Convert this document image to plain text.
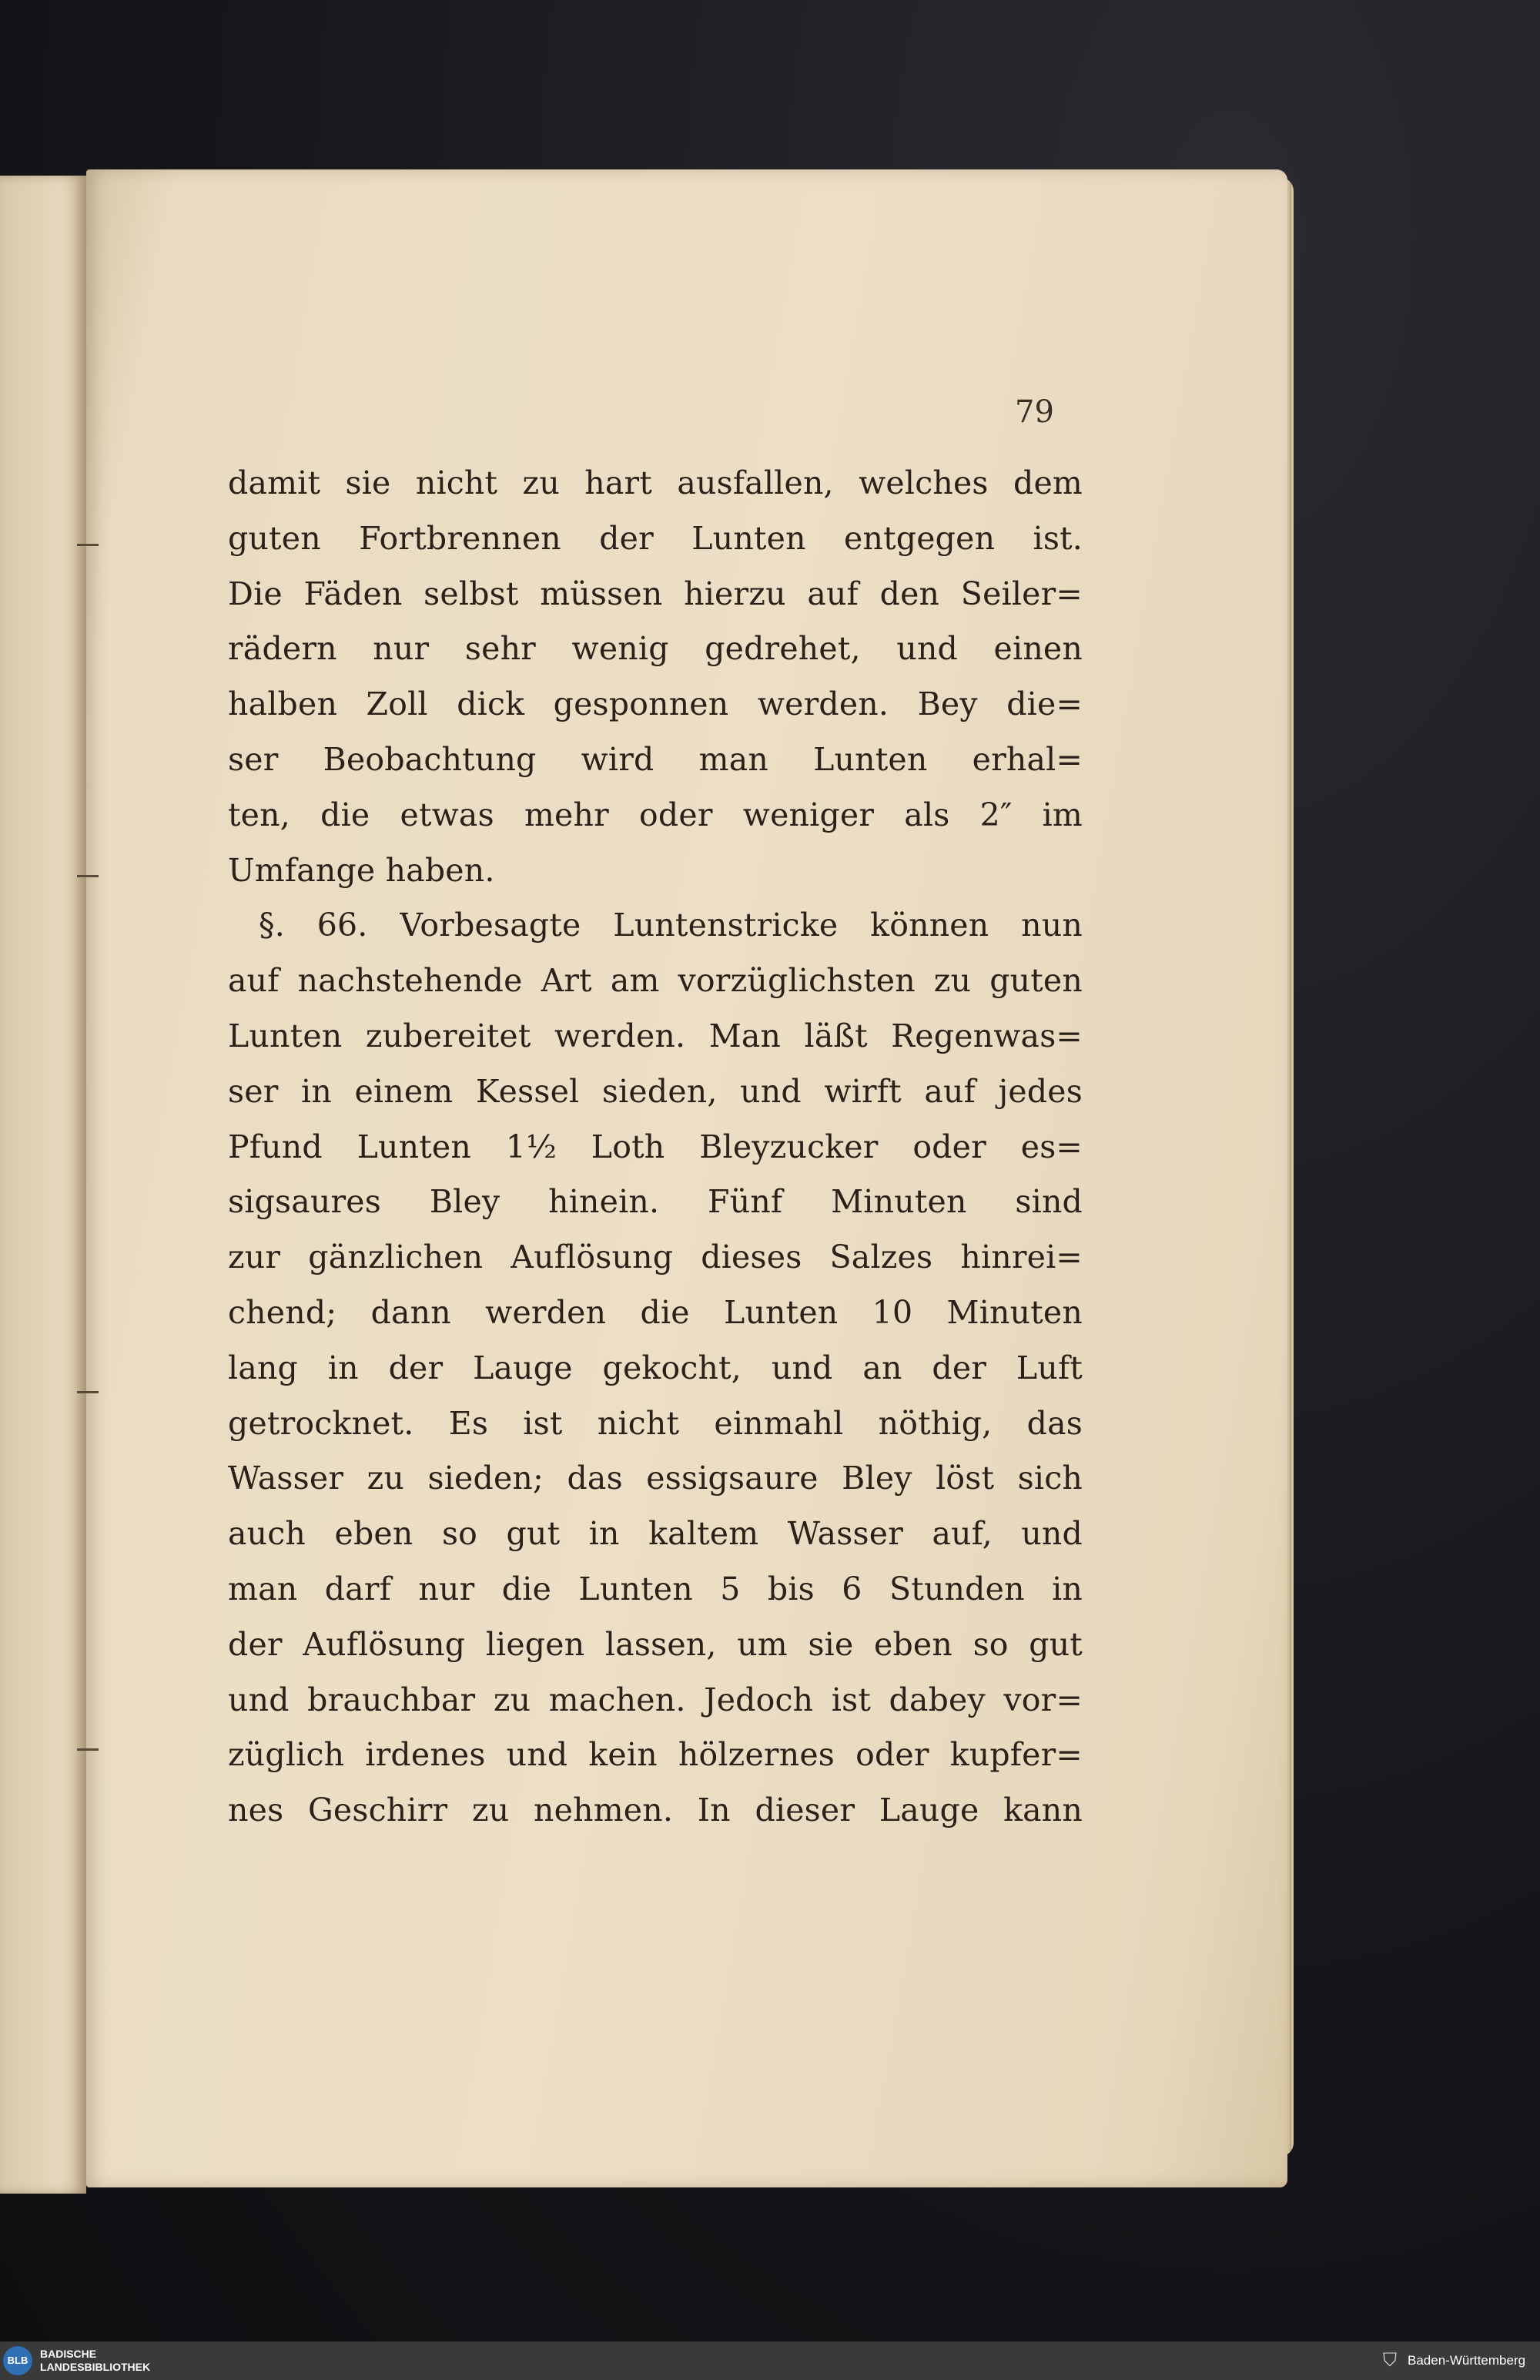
79
damit sie nicht zu hart ausfallen, welches dem
guten Fortbrennen der Lunten entgegen ist.
Die Fäden selbst müssen hierzu auf den Seiler=
rädern nur sehr wenig gedrehet, und einen
halben Zoll dick gesponnen werden. Bey die=
ser Beobachtung wird man Lunten erhal=
ten, die etwas mehr oder weniger als 2″ im
Umfange haben.
§. 66. Vorbesagte Luntenstricke können nun
auf nachstehende Art am vorzüglichsten zu guten
Lunten zubereitet werden. Man läßt Regenwas=
ser in einem Kessel sieden, und wirft auf jedes
Pfund Lunten 1½ Loth Bleyzucker oder es=
sigsaures Bley hinein. Fünf Minuten sind
zur gänzlichen Auflösung dieses Salzes hinrei=
chend; dann werden die Lunten 10 Minuten
lang in der Lauge gekocht, und an der Luft
getrocknet. Es ist nicht einmahl nöthig, das
Wasser zu sieden; das essigsaure Bley löst sich
auch eben so gut in kaltem Wasser auf, und
man darf nur die Lunten 5 bis 6 Stunden in
der Auflösung liegen lassen, um sie eben so gut
und brauchbar zu machen. Jedoch ist dabey vor=
züglich irdenes und kein hölzernes oder kupfer=
nes Geschirr zu nehmen. In dieser Lauge kann
BLB
BADISCHE
LANDESBIBLIOTHEK	⛉ Baden-Württemberg
